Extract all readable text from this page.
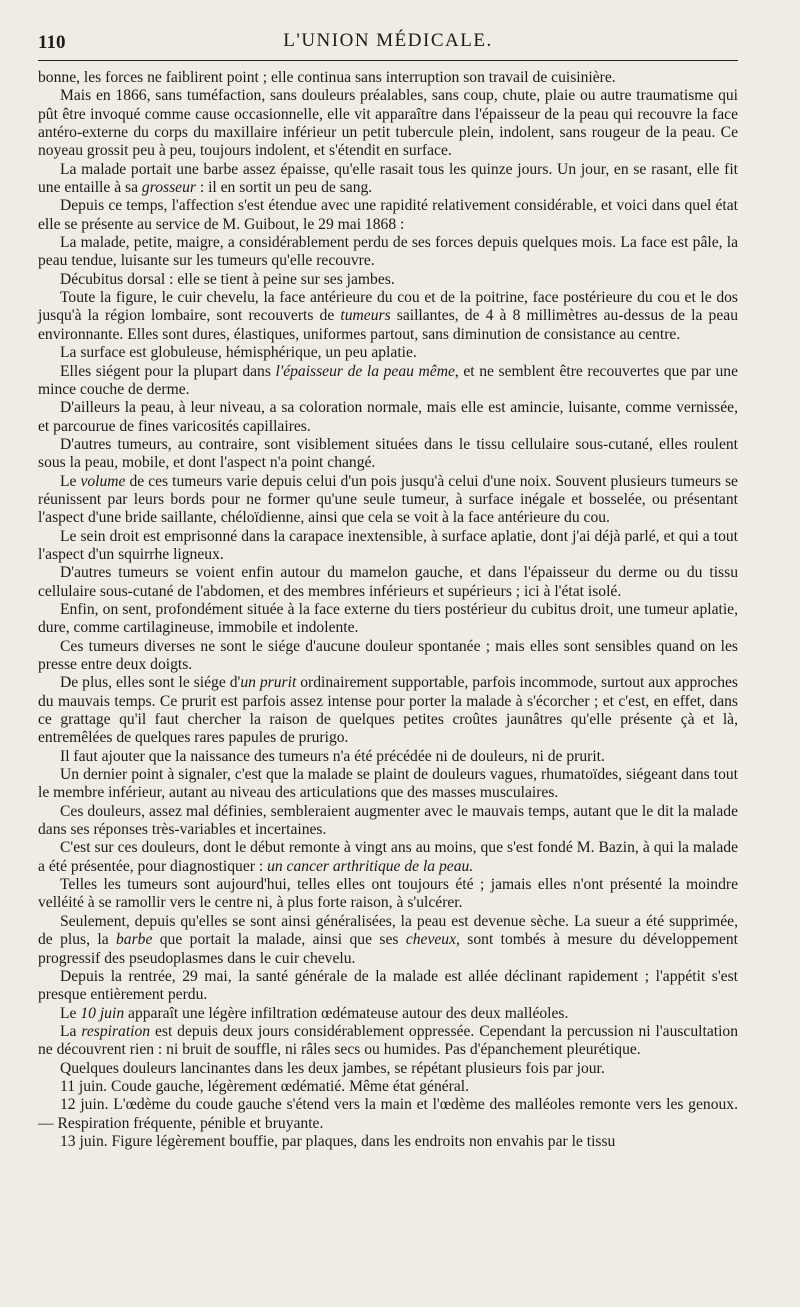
110	L'UNION MÉDICALE.

bonne, les forces ne faiblirent point ; elle continua sans interruption son travail de cuisinière.

Mais en 1866, sans tuméfaction, sans douleurs préalables, sans coup, chute, plaie ou autre traumatisme qui pût être invoqué comme cause occasionnelle, elle vit apparaître dans l'épaisseur de la peau qui recouvre la face antéro-externe du corps du maxillaire inférieur un petit tubercule plein, indolent, sans rougeur de la peau. Ce noyeau grossit peu à peu, toujours indolent, et s'étendit en surface.

La malade portait une barbe assez épaisse, qu'elle rasait tous les quinze jours. Un jour, en se rasant, elle fit une entaille à sa grosseur : il en sortit un peu de sang.

Depuis ce temps, l'affection s'est étendue avec une rapidité relativement considérable, et voici dans quel état elle se présente au service de M. Guibout, le 29 mai 1868 :

La malade, petite, maigre, a considérablement perdu de ses forces depuis quelques mois. La face est pâle, la peau tendue, luisante sur les tumeurs qu'elle recouvre.

Décubitus dorsal : elle se tient à peine sur ses jambes.

Toute la figure, le cuir chevelu, la face antérieure du cou et de la poitrine, face postérieure du cou et le dos jusqu'à la région lombaire, sont recouverts de tumeurs saillantes, de 4 à 8 millimètres au-dessus de la peau environnante. Elles sont dures, élastiques, uniformes partout, sans diminution de consistance au centre.

La surface est globuleuse, hémisphérique, un peu aplatie.

Elles siégent pour la plupart dans l'épaisseur de la peau même, et ne semblent être recouvertes que par une mince couche de derme.

D'ailleurs la peau, à leur niveau, a sa coloration normale, mais elle est amincie, luisante, comme vernissée, et parcourue de fines varicosités capillaires.

D'autres tumeurs, au contraire, sont visiblement situées dans le tissu cellulaire sous-cutané, elles roulent sous la peau, mobile, et dont l'aspect n'a point changé.

Le volume de ces tumeurs varie depuis celui d'un pois jusqu'à celui d'une noix. Souvent plusieurs tumeurs se réunissent par leurs bords pour ne former qu'une seule tumeur, à surface inégale et bosselée, ou présentant l'aspect d'une bride saillante, chéloïdienne, ainsi que cela se voit à la face antérieure du cou.

Le sein droit est emprisonné dans la carapace inextensible, à surface aplatie, dont j'ai déjà parlé, et qui a tout l'aspect d'un squirrhe ligneux.

D'autres tumeurs se voient enfin autour du mamelon gauche, et dans l'épaisseur du derme ou du tissu cellulaire sous-cutané de l'abdomen, et des membres inférieurs et supérieurs ; ici à l'état isolé.

Enfin, on sent, profondément située à la face externe du tiers postérieur du cubitus droit, une tumeur aplatie, dure, comme cartilagineuse, immobile et indolente.

Ces tumeurs diverses ne sont le siége d'aucune douleur spontanée ; mais elles sont sensibles quand on les presse entre deux doigts.

De plus, elles sont le siége d'un prurit ordinairement supportable, parfois incommode, surtout aux approches du mauvais temps. Ce prurit est parfois assez intense pour porter la malade à s'écorcher ; et c'est, en effet, dans ce grattage qu'il faut chercher la raison de quelques petites croûtes jaunâtres qu'elle présente çà et là, entremêlées de quelques rares papules de prurigo.

Il faut ajouter que la naissance des tumeurs n'a été précédée ni de douleurs, ni de prurit.

Un dernier point à signaler, c'est que la malade se plaint de douleurs vagues, rhumatoïdes, siégeant dans tout le membre inférieur, autant au niveau des articulations que des masses musculaires.

Ces douleurs, assez mal définies, sembleraient augmenter avec le mauvais temps, autant que le dit la malade dans ses réponses très-variables et incertaines.

C'est sur ces douleurs, dont le début remonte à vingt ans au moins, que s'est fondé M. Bazin, à qui la malade a été présentée, pour diagnostiquer : un cancer arthritique de la peau.

Telles les tumeurs sont aujourd'hui, telles elles ont toujours été ; jamais elles n'ont présenté la moindre velléité à se ramollir vers le centre ni, à plus forte raison, à s'ulcérer.

Seulement, depuis qu'elles se sont ainsi généralisées, la peau est devenue sèche. La sueur a été supprimée, de plus, la barbe que portait la malade, ainsi que ses cheveux, sont tombés à mesure du développement progressif des pseudoplasmes dans le cuir chevelu.

Depuis la rentrée, 29 mai, la santé générale de la malade est allée déclinant rapidement ; l'appétit s'est presque entièrement perdu.

Le 10 juin apparaît une légère infiltration œdémateuse autour des deux malléoles.

La respiration est depuis deux jours considérablement oppressée. Cependant la percussion ni l'auscultation ne découvrent rien : ni bruit de souffle, ni râles secs ou humides. Pas d'épanchement pleurétique.

Quelques douleurs lancinantes dans les deux jambes, se répétant plusieurs fois par jour.

11 juin. Coude gauche, légèrement œdématié. Même état général.

12 juin. L'œdème du coude gauche s'étend vers la main et l'œdème des malléoles remonte vers les genoux. — Respiration fréquente, pénible et bruyante.

13 juin. Figure légèrement bouffie, par plaques, dans les endroits non envahis par le tissu
